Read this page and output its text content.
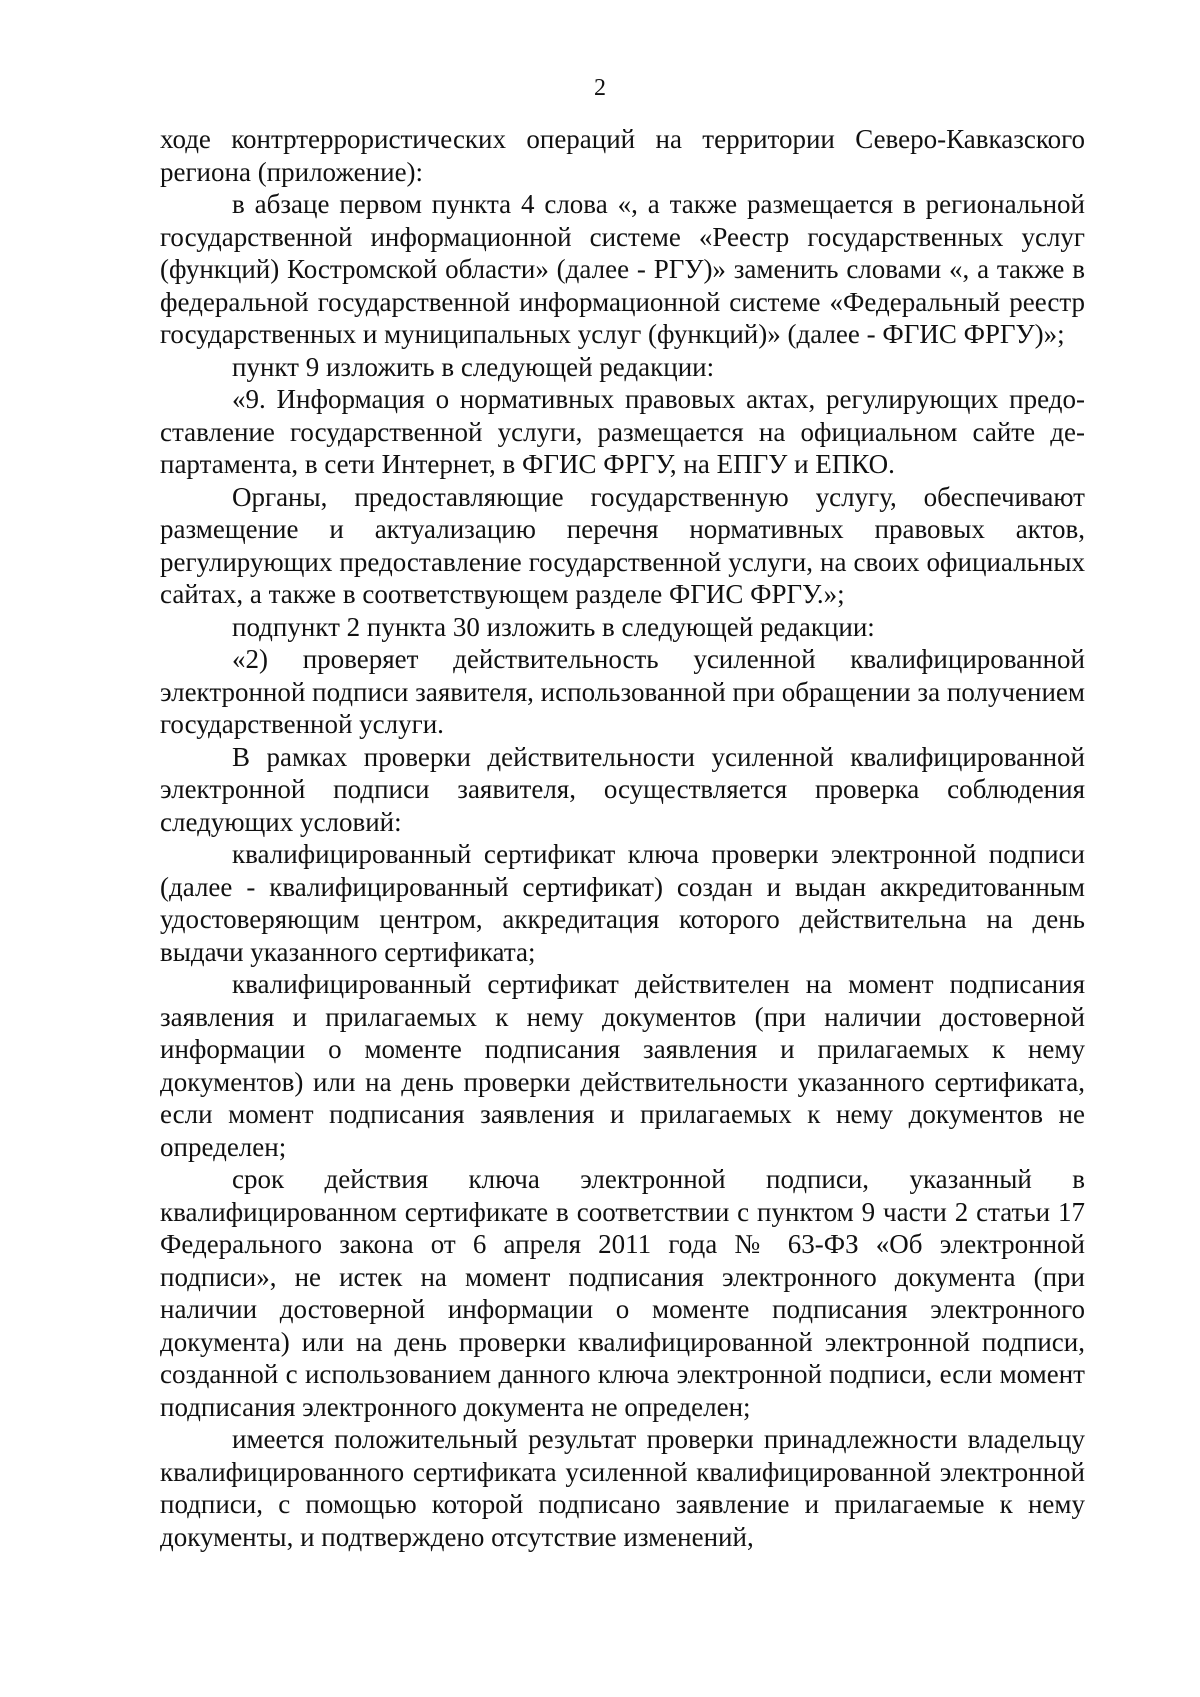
2

ходе контртеррористических операций на территории Северо-Кавказского региона (приложение):

в абзаце первом пункта 4 слова «, а также размещается в региональной государственной информационной системе «Реестр государственных услуг (функций) Костромской области» (далее - РГУ)» заменить словами «, а также в федеральной государственной информационной системе «Федеральный реестр государственных и муниципальных услуг (функций)» (далее - ФГИС ФРГУ)»;

пункт 9 изложить в следующей редакции:

«9. Информация о нормативных правовых актах, регулирующих предоставление государственной услуги, размещается на официальном сайте департамента, в сети Интернет, в ФГИС ФРГУ, на ЕПГУ и ЕПКО.

Органы, предоставляющие государственную услугу, обеспечивают размещение и актуализацию перечня нормативных правовых актов, регулирующих предоставление государственной услуги, на своих официальных сайтах, а также в соответствующем разделе ФГИС ФРГУ.»;

подпункт 2 пункта 30 изложить в следующей редакции:

«2) проверяет действительность усиленной квалифицированной электронной подписи заявителя, использованной при обращении за получением государственной услуги.

В рамках проверки действительности усиленной квалифицированной электронной подписи заявителя, осуществляется проверка соблюдения следующих условий:

квалифицированный сертификат ключа проверки электронной подписи (далее - квалифицированный сертификат) создан и выдан аккредитованным удостоверяющим центром, аккредитация которого действительна на день выдачи указанного сертификата;

квалифицированный сертификат действителен на момент подписания заявления и прилагаемых к нему документов (при наличии достоверной информации о моменте подписания заявления и прилагаемых к нему документов) или на день проверки действительности указанного сертификата, если момент подписания заявления и прилагаемых к нему документов не определен;

срок действия ключа электронной подписи, указанный в квалифицированном сертификате в соответствии с пунктом 9 части 2 статьи 17 Федерального закона от 6 апреля 2011 года № 63-ФЗ «Об электронной подписи», не истек на момент подписания электронного документа (при наличии достоверной информации о моменте подписания электронного документа) или на день проверки квалифицированной электронной подписи, созданной с использованием данного ключа электронной подписи, если момент подписания электронного документа не определен;

имеется положительный результат проверки принадлежности владельцу квалифицированного сертификата усиленной квалифицированной электронной подписи, с помощью которой подписано заявление и прилагаемые к нему документы, и подтверждено отсутствие изменений,
